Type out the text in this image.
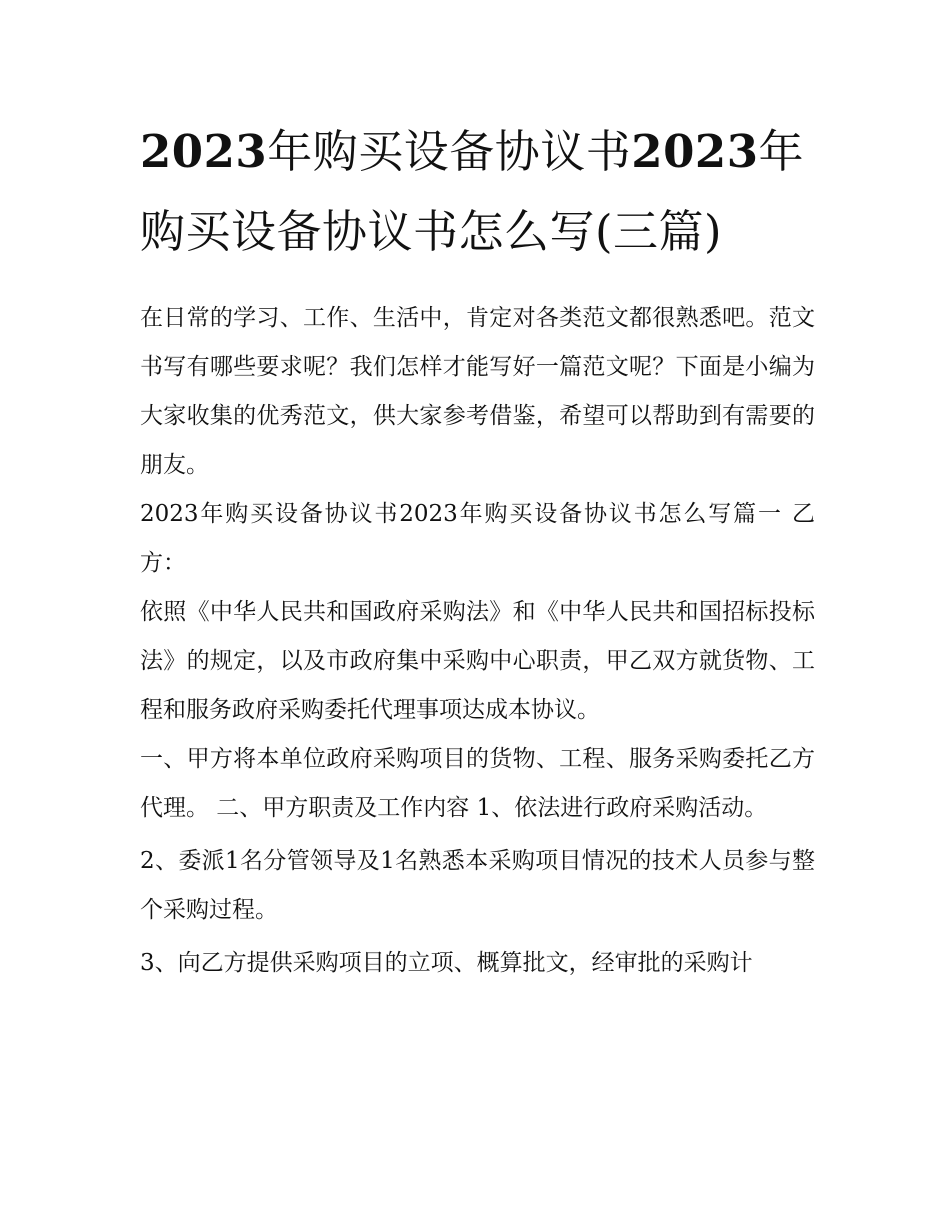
2023年购买设备协议书2023年购买设备协议书怎么写(三篇)

在日常的学习、工作、生活中，肯定对各类范文都很熟悉吧。范文书写有哪些要求呢？我们怎样才能写好一篇范文呢？下面是小编为大家收集的优秀范文，供大家参考借鉴，希望可以帮助到有需要的朋友。

2023年购买设备协议书2023年购买设备协议书怎么写篇一 乙方：

依照《中华人民共和国政府采购法》和《中华人民共和国招标投标法》的规定，以及市政府集中采购中心职责，甲乙双方就货物、工程和服务政府采购委托代理事项达成本协议。

一、甲方将本单位政府采购项目的货物、工程、服务采购委托乙方代理。 二、甲方职责及工作内容 1、依法进行政府采购活动。

2、委派1名分管领导及1名熟悉本采购项目情况的技术人员参与整个采购过程。

3、向乙方提供采购项目的立项、概算批文，经审批的采购计
